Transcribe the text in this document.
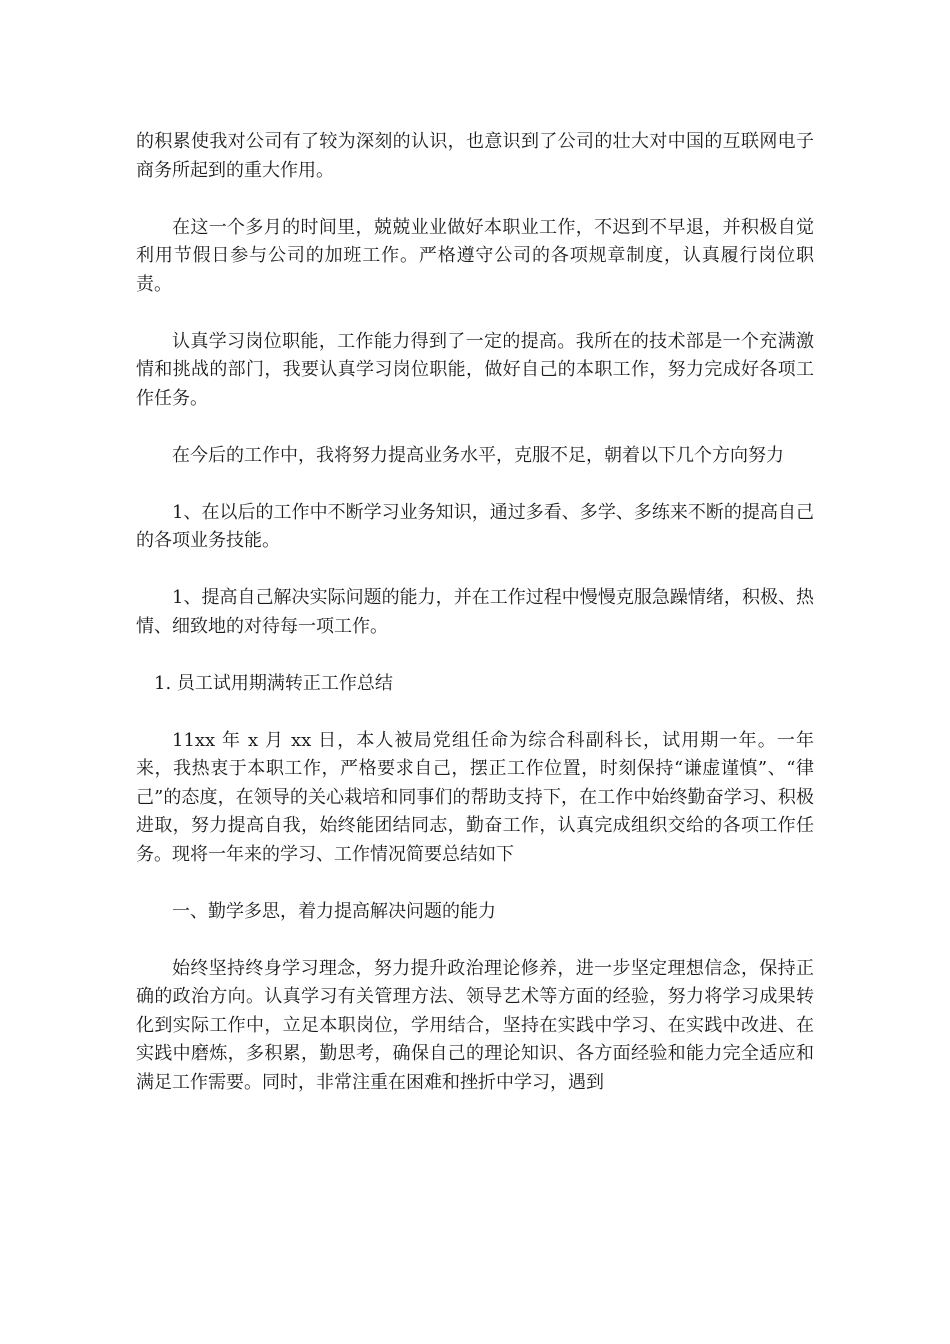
的积累使我对公司有了较为深刻的认识，也意识到了公司的壮大对中国的互联网电子商务所起到的重大作用。

在这一个多月的时间里，兢兢业业做好本职业工作，不迟到不早退，并积极自觉利用节假日参与公司的加班工作。严格遵守公司的各项规章制度，认真履行岗位职责。

认真学习岗位职能，工作能力得到了一定的提高。我所在的技术部是一个充满激情和挑战的部门，我要认真学习岗位职能，做好自己的本职工作，努力完成好各项工作任务。

在今后的工作中，我将努力提高业务水平，克服不足，朝着以下几个方向努力

1、在以后的工作中不断学习业务知识，通过多看、多学、多练来不断的提高自己的各项业务技能。

1、提高自己解决实际问题的能力，并在工作过程中慢慢克服急躁情绪，积极、热情、细致地的对待每一项工作。

1. 员工试用期满转正工作总结

11xx 年 x 月 xx 日，本人被局党组任命为综合科副科长，试用期一年。一年来，我热衷于本职工作，严格要求自己，摆正工作位置，时刻保持“谦虚谨慎”、“律己”的态度，在领导的关心栽培和同事们的帮助支持下，在工作中始终勤奋学习、积极进取，努力提高自我，始终能团结同志，勤奋工作，认真完成组织交给的各项工作任务。现将一年来的学习、工作情况简要总结如下

一、勤学多思，着力提高解决问题的能力

始终坚持终身学习理念，努力提升政治理论修养，进一步坚定理想信念，保持正确的政治方向。认真学习有关管理方法、领导艺术等方面的经验，努力将学习成果转化到实际工作中，立足本职岗位，学用结合，坚持在实践中学习、在实践中改进、在实践中磨炼，多积累，勤思考，确保自己的理论知识、各方面经验和能力完全适应和满足工作需要。同时，非常注重在困难和挫折中学习，遇到
